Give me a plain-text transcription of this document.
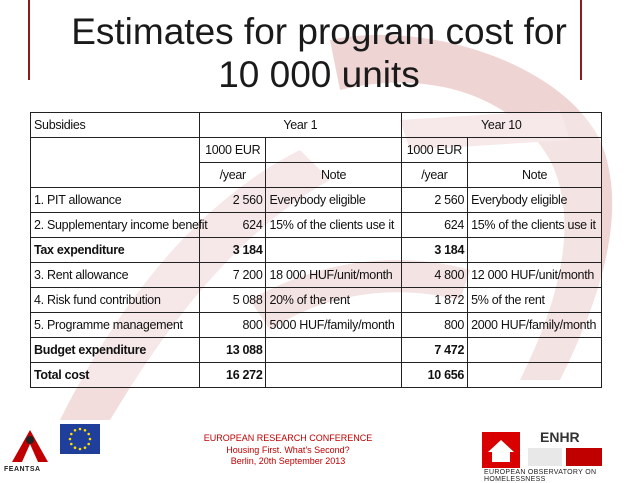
Estimates for program cost for
10 000 units
Subsidies	Year 1		Year 10	
	1000 EUR		1000 EUR	
	/year	Note	/year	Note
1. PIT allowance	2 560	Everybody eligible	2 560	Everybody eligible
2. Supplementary income benefit	624	15% of the clients use it	624	15% of the clients use it
Tax expenditure	3 184		3 184	
3. Rent allowance	7 200	18 000 HUF/unit/month	4 800	12 000 HUF/unit/month
4. Risk fund contribution	5 088	20% of the rent	1 872	5% of the rent
5. Programme management	800	5000 HUF/family/month	800	2000 HUF/family/month
Budget expenditure	13 088		7 472	
Total cost	16 272		10 656	
FEANTSA
EUROPEAN RESEARCH CONFERENCE
Housing First. What’s Second?
Berlin, 20th September 2013
ENHR
EUROPEAN OBSERVATORY ON HOMELESSNESS
